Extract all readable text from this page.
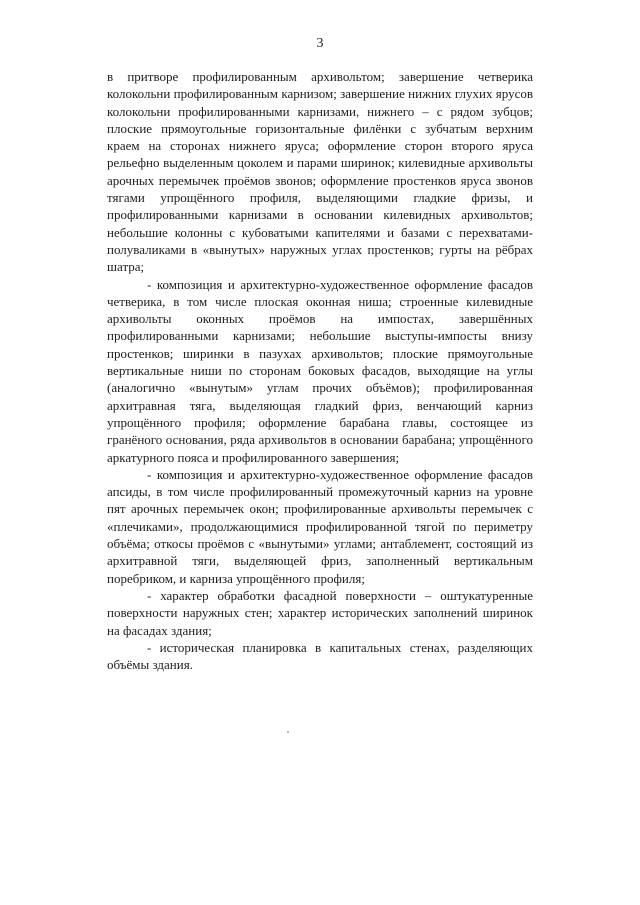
3

в притворе профилированным архивольтом; завершение четверика колокольни профилированным карнизом; завершение нижних глухих ярусов колокольни профилированными карнизами, нижнего – с рядом зубцов; плоские прямоугольные горизонтальные филёнки с зубчатым верхним краем на сторонах нижнего яруса; оформление сторон второго яруса рельефно выделенным цоколем и парами ширинок; килевидные архивольты арочных перемычек проёмов звонов; оформление простенков яруса звонов тягами упрощённого профиля, выделяющими гладкие фризы, и профилированными карнизами в основании килевидных архивольтов; небольшие колонны с кубоватыми капителями и базами с перехватами-полуваликами в «вынутых» наружных углах простенков; гурты на рёбрах шатра;

- композиция и архитектурно-художественное оформление фасадов четверика, в том числе плоская оконная ниша; строенные килевидные архивольты оконных проёмов на импостах, завершённых профилированными карнизами; небольшие выступы-импосты внизу простенков; ширинки в пазухах архивольтов; плоские прямоугольные вертикальные ниши по сторонам боковых фасадов, выходящие на углы (аналогично «вынутым» углам прочих объёмов); профилированная архитравная тяга, выделяющая гладкий фриз, венчающий карниз упрощённого профиля; оформление барабана главы, состоящее из гранёного основания, ряда архивольтов в основании барабана; упрощённого аркатурного пояса и профилированного завершения;

- композиция и архитектурно-художественное оформление фасадов апсиды, в том числе профилированный промежуточный карниз на уровне пят арочных перемычек окон; профилированные архивольты перемычек с «плечиками», продолжающимися профилированной тягой по периметру объёма; откосы проёмов с «вынутыми» углами; антаблемент, состоящий из архитравной тяги, выделяющей фриз, заполненный вертикальным поребриком, и карниза упрощённого профиля;

- характер обработки фасадной поверхности – оштукатуренные поверхности наружных стен; характер исторических заполнений ширинок на фасадах здания;

- историческая планировка в капитальных стенах, разделяющих объёмы здания.
